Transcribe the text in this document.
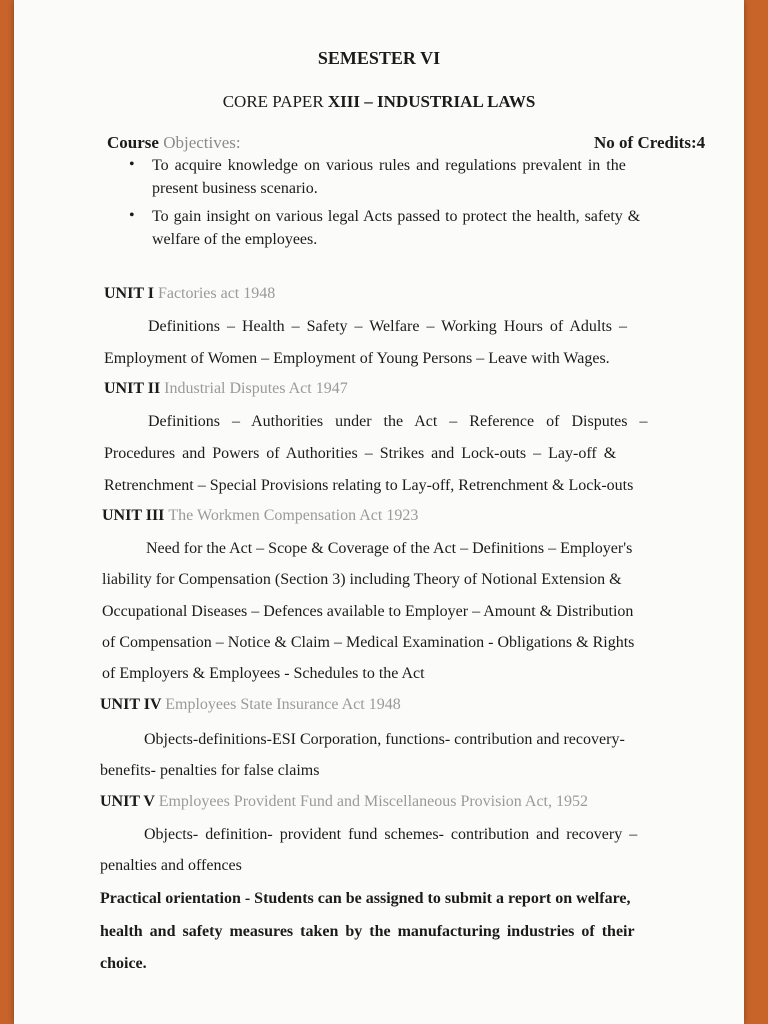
SEMESTER VI
CORE PAPER XIII – INDUSTRIAL LAWS
Course Objectives:	No of Credits:4
• To acquire knowledge on various rules and regulations prevalent in the
present business scenario.
• To gain insight on various legal Acts passed to protect the health, safety &
welfare of the employees.
UNIT I Factories act 1948
Definitions – Health – Safety – Welfare – Working Hours of Adults –
Employment of Women – Employment of Young Persons – Leave with Wages.
UNIT II Industrial Disputes Act 1947
Definitions – Authorities under the Act – Reference of Disputes –
Procedures and Powers of Authorities – Strikes and Lock-outs – Lay-off &
Retrenchment – Special Provisions relating to Lay-off, Retrenchment & Lock-outs
UNIT III The Workmen Compensation Act 1923
Need for the Act – Scope & Coverage of the Act – Definitions – Employer's
liability for Compensation (Section 3) including Theory of Notional Extension &
Occupational Diseases – Defences available to Employer – Amount & Distribution
of Compensation – Notice & Claim – Medical Examination - Obligations & Rights
of Employers & Employees - Schedules to the Act
UNIT IV Employees State Insurance Act 1948
Objects-definitions-ESI Corporation, functions- contribution and recovery-
benefits- penalties for false claims
UNIT V Employees Provident Fund and Miscellaneous Provision Act, 1952
Objects- definition- provident fund schemes- contribution and recovery –
penalties and offences
Practical orientation - Students can be assigned to submit a report on welfare,
health and safety measures taken by the manufacturing industries of their
choice.
